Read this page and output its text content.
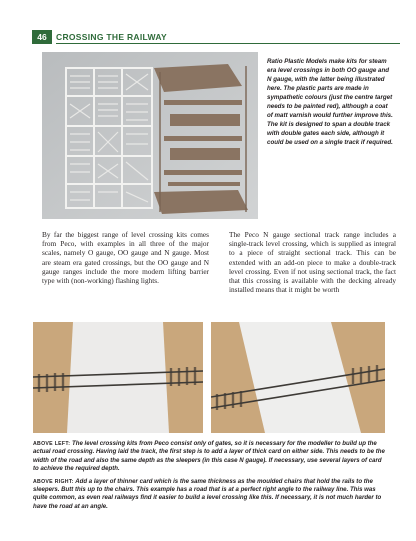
46	CROSSING THE RAILWAY
Ratio Plastic Models make kits for steam era level crossings in both OO gauge and N gauge, with the latter being illustrated here. The plastic parts are made in sympathetic colours (just the centre target needs to be painted red), although a coat of matt varnish would further improve this. The kit is designed to span a double track with double gates each side, although it could be used on a single track if required.

By far the biggest range of level crossing kits comes from Peco, with examples in all three of the major scales, namely O gauge, OO gauge and N gauge. Most are steam era gated crossings, but the OO gauge and N gauge ranges include the more modern lifting barrier type with (non-working) flashing lights.

The Peco N gauge sectional track range includes a single-track level crossing, which is supplied as integral to a piece of straight sectional track. This can be extended with an add-on piece to make a double-track level crossing. Even if not using sectional track, the fact that this crossing is available with the decking already installed means that it might be worth

ABOVE LEFT: The level crossing kits from Peco consist only of gates, so it is necessary for the modeller to build up the actual road crossing. Having laid the track, the first step is to add a layer of thick card on either side. This needs to be the width of the road and also the same depth as the sleepers (in this case N gauge). If necessary, use several layers of card to achieve the required depth.

ABOVE RIGHT: Add a layer of thinner card which is the same thickness as the moulded chairs that hold the rails to the sleepers. Butt this up to the chairs. This example has a road that is at a perfect right angle to the railway line. This was quite common, as even real railways find it easier to build a level crossing like this. If necessary, it is not much harder to have the road at an angle.
